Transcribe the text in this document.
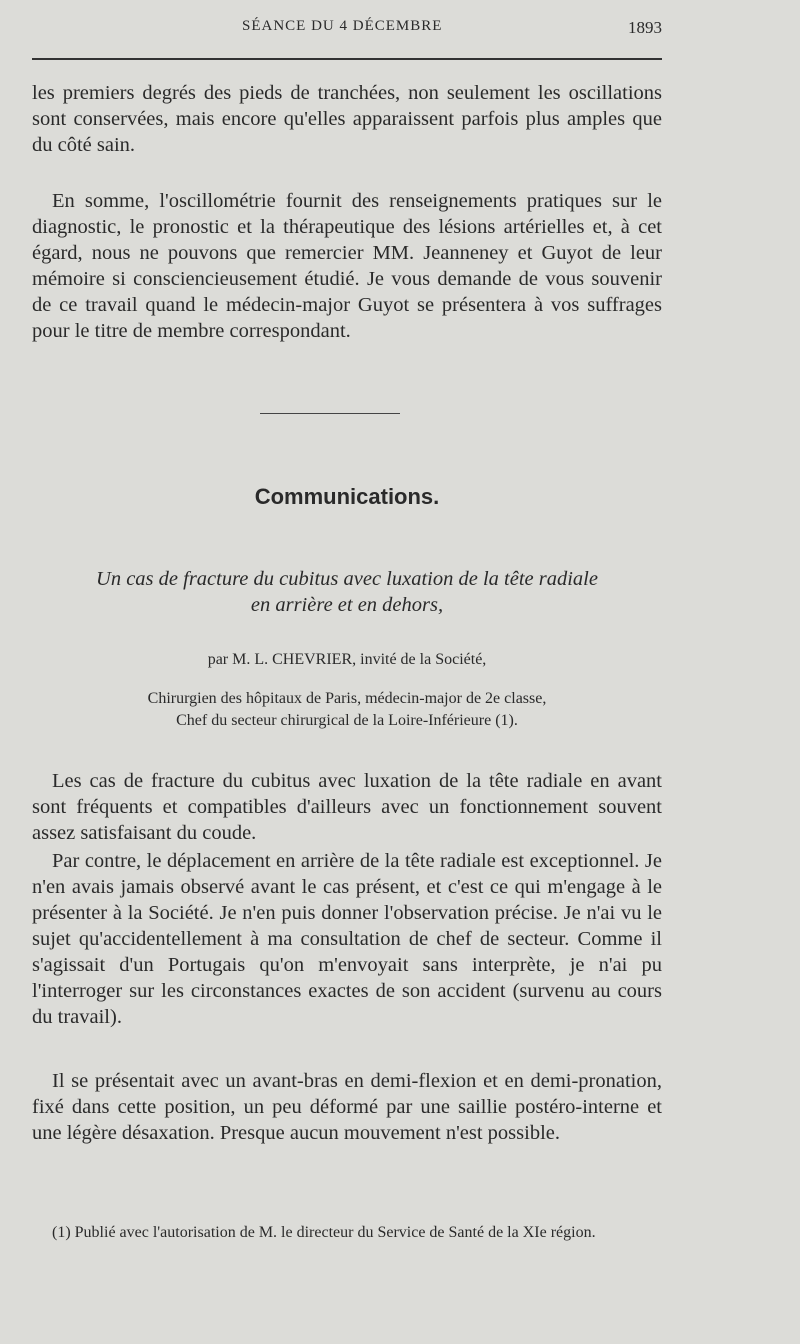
SÉANCE DU 4 DÉCEMBRE	1893

les premiers degrés des pieds de tranchées, non seulement les oscillations sont conservées, mais encore qu'elles apparaissent parfois plus amples que du côté sain.

En somme, l'oscillométrie fournit des renseignements pratiques sur le diagnostic, le pronostic et la thérapeutique des lésions artérielles et, à cet égard, nous ne pouvons que remercier MM. Jeanneney et Guyot de leur mémoire si consciencieusement étudié. Je vous demande de vous souvenir de ce travail quand le médecin-major Guyot se présentera à vos suffrages pour le titre de membre correspondant.

Communications.

Un cas de fracture du cubitus avec luxation de la tête radiale
en arrière et en dehors,

par M. L. CHEVRIER, invité de la Société,
Chirurgien des hôpitaux de Paris, médecin-major de 2e classe,
Chef du secteur chirurgical de la Loire-Inférieure (1).

Les cas de fracture du cubitus avec luxation de la tête radiale en avant sont fréquents et compatibles d'ailleurs avec un fonctionnement souvent assez satisfaisant du coude.

Par contre, le déplacement en arrière de la tête radiale est exceptionnel. Je n'en avais jamais observé avant le cas présent, et c'est ce qui m'engage à le présenter à la Société. Je n'en puis donner l'observation précise. Je n'ai vu le sujet qu'accidentellement à ma consultation de chef de secteur. Comme il s'agissait d'un Portugais qu'on m'envoyait sans interprète, je n'ai pu l'interroger sur les circonstances exactes de son accident (survenu au cours du travail).

Il se présentait avec un avant-bras en demi-flexion et en demi-pronation, fixé dans cette position, un peu déformé par une saillie postéro-interne et une légère désaxation. Presque aucun mouvement n'est possible.

(1) Publié avec l'autorisation de M. le directeur du Service de Santé de la XIe région.
